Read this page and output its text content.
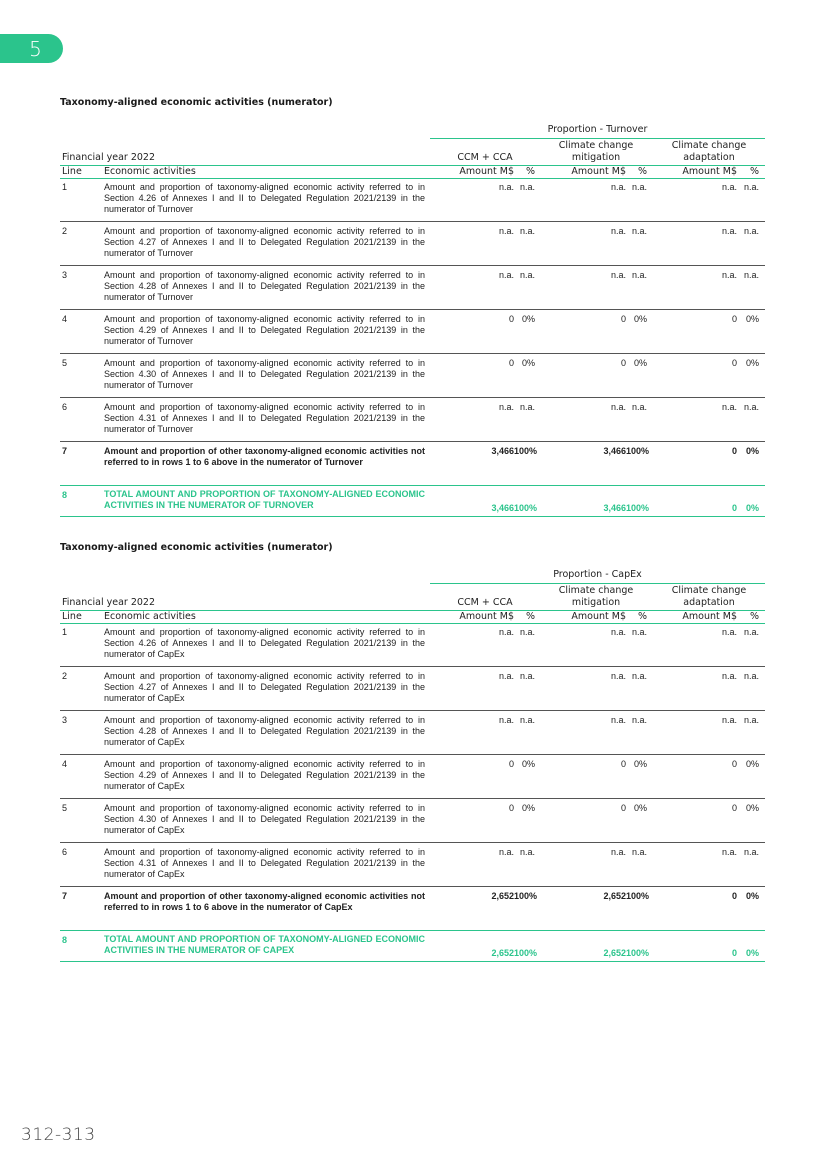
5
Taxonomy-aligned economic activities (numerator)
Proportion - Turnover
Financial year 2022	CCM + CCA
Climate change mitigation
Climate change adaptation
Line Economic activities	Amount M$	%	Amount M$	%	Amount M$	%
1	Amount and proportion of taxonomy-aligned economic activity referred to in Section 4.26 of Annexes I and II to Delegated Regulation 2021/2139 in the numerator of Turnover
n.a. n.a.	n.a. n.a.	n.a. n.a.
2	Amount and proportion of taxonomy-aligned economic activity referred to in Section 4.27 of Annexes I and II to Delegated Regulation 2021/2139 in the numerator of Turnover
n.a. n.a.	n.a. n.a.	n.a. n.a.
3	Amount and proportion of taxonomy-aligned economic activity referred to in Section 4.28 of Annexes I and II to Delegated Regulation 2021/2139 in the numerator of Turnover
n.a. n.a.	n.a. n.a.	n.a. n.a.
4	Amount and proportion of taxonomy-aligned economic activity referred to in Section 4.29 of Annexes I and II to Delegated Regulation 2021/2139 in the numerator of Turnover
0 0%	0 0%	0 0%
5	Amount and proportion of taxonomy-aligned economic activity referred to in Section 4.30 of Annexes I and II to Delegated Regulation 2021/2139 in the numerator of Turnover
0 0%	0 0%	0 0%
6	Amount and proportion of taxonomy-aligned economic activity referred to in Section 4.31 of Annexes I and II to Delegated Regulation 2021/2139 in the numerator of Turnover
n.a. n.a.	n.a. n.a.	n.a. n.a.
7	Amount and proportion of other taxonomy-aligned economic activities not referred to in rows 1 to 6 above in the numerator of Turnover
3,466 100%	3,466 100%	0 0%
8	TOTAL AMOUNT AND PROPORTION OF TAXONOMY-ALIGNED ECONOMIC ACTIVITIES IN THE NUMERATOR OF TURNOVER	3,466 100%	3,466 100%	0 0%
Taxonomy-aligned economic activities (numerator)
Proportion - CapEx
Financial year 2022	CCM + CCA
Climate change mitigation
Climate change adaptation
Line Economic activities	Amount M$	%	Amount M$	%	Amount M$	%
1	Amount and proportion of taxonomy-aligned economic activity referred to in Section 4.26 of Annexes I and II to Delegated Regulation 2021/2139 in the numerator of CapEx
n.a. n.a.	n.a. n.a.	n.a. n.a.
2	Amount and proportion of taxonomy-aligned economic activity referred to in Section 4.27 of Annexes I and II to Delegated Regulation 2021/2139 in the numerator of CapEx
n.a. n.a.	n.a. n.a.	n.a. n.a.
3	Amount and proportion of taxonomy-aligned economic activity referred to in Section 4.28 of Annexes I and II to Delegated Regulation 2021/2139 in the numerator of CapEx
n.a. n.a.	n.a. n.a.	n.a. n.a.
4	Amount and proportion of taxonomy-aligned economic activity referred to in Section 4.29 of Annexes I and II to Delegated Regulation 2021/2139 in the numerator of CapEx
0 0%	0 0%	0 0%
5	Amount and proportion of taxonomy-aligned economic activity referred to in Section 4.30 of Annexes I and II to Delegated Regulation 2021/2139 in the numerator of CapEx
0 0%	0 0%	0 0%
6	Amount and proportion of taxonomy-aligned economic activity referred to in Section 4.31 of Annexes I and II to Delegated Regulation 2021/2139 in the numerator of CapEx
n.a. n.a.	n.a. n.a.	n.a. n.a.
7	Amount and proportion of other taxonomy-aligned economic activities not referred to in rows 1 to 6 above in the numerator of CapEx
2,652 100%	2,652 100%	0 0%
8	TOTAL AMOUNT AND PROPORTION OF TAXONOMY-ALIGNED ECONOMIC ACTIVITIES IN THE NUMERATOR OF CAPEX	2,652 100%	2,652 100%	0 0%
312-313
